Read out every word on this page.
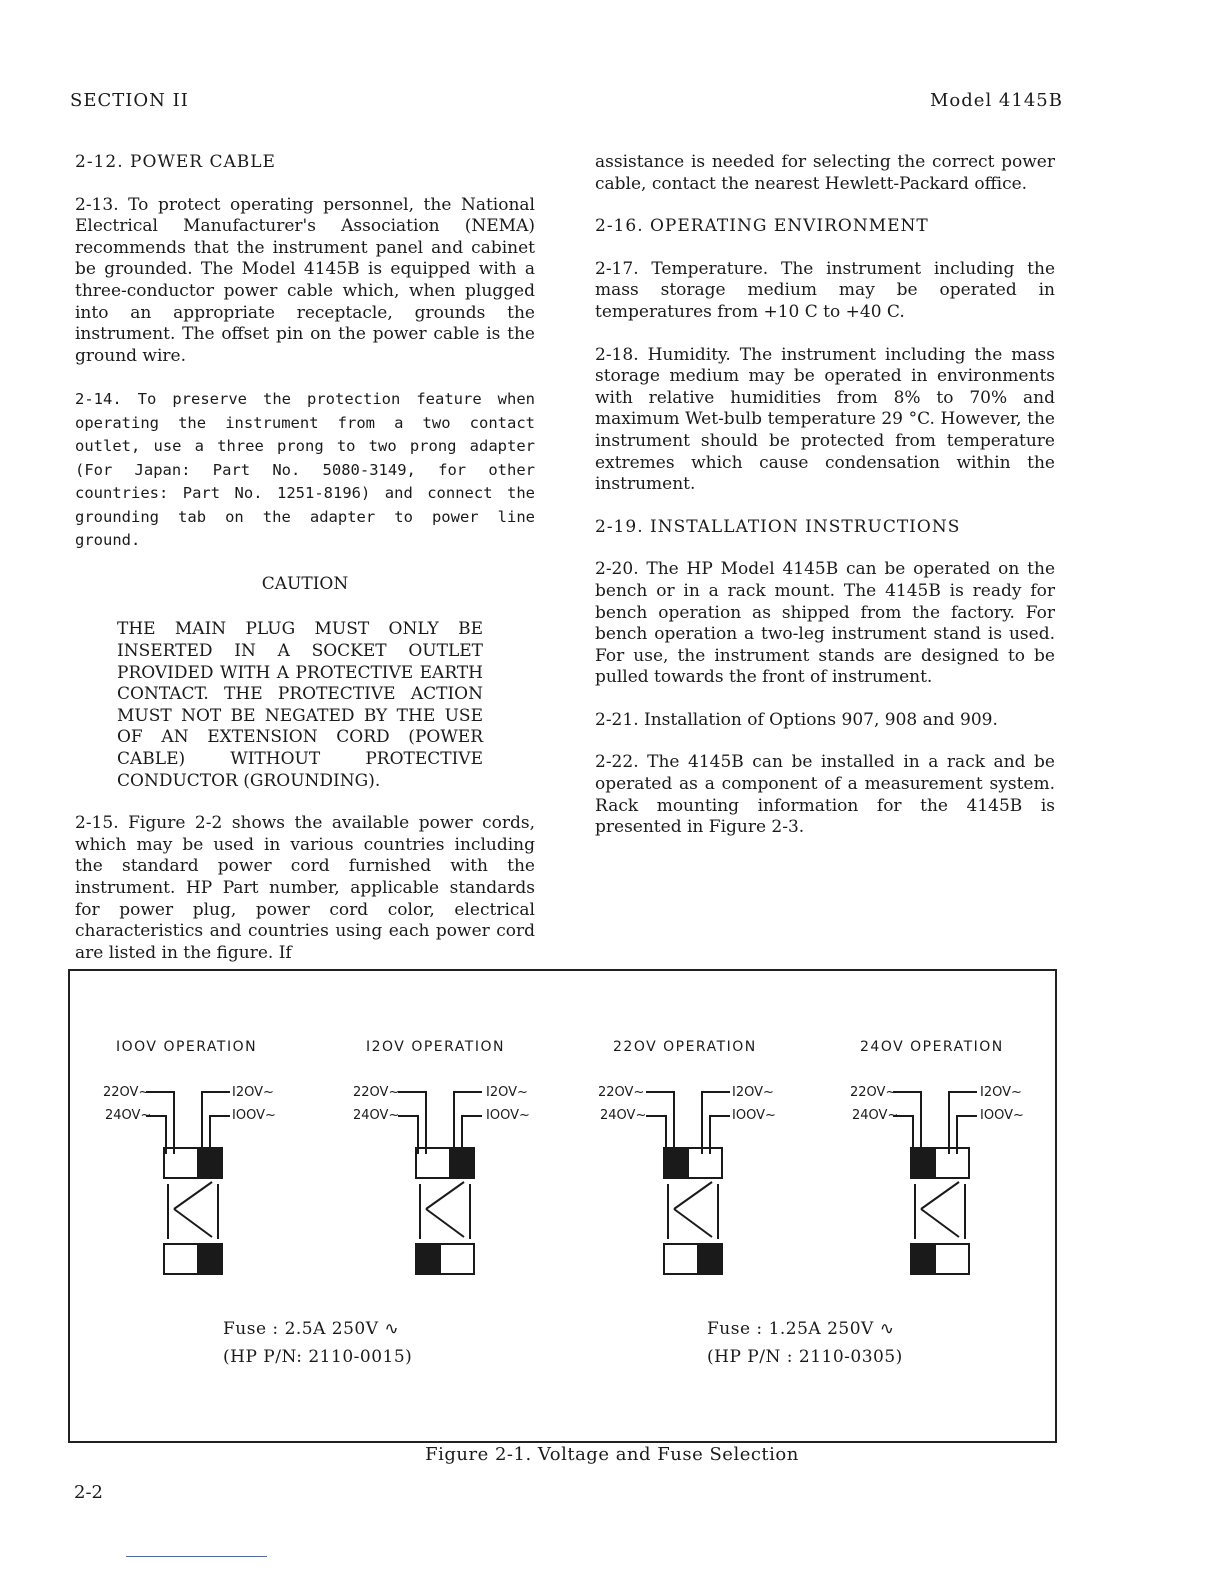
SECTION II	Model 4145B

2-12. POWER CABLE

2-13. To protect operating personnel, the National Electrical Manufacturer's Association (NEMA) recommends that the instrument panel and cabinet be grounded. The Model 4145B is equipped with a three-conductor power cable which, when plugged into an appropriate receptacle, grounds the instrument. The offset pin on the power cable is the ground wire.

2-14. To preserve the protection feature when operating the instrument from a two contact outlet, use a three prong to two prong adapter (For Japan: Part No. 5080-3149, for other countries: Part No. 1251-8196) and connect the grounding tab on the adapter to power line ground.

CAUTION

THE MAIN PLUG MUST ONLY BE INSERTED IN A SOCKET OUTLET PROVIDED WITH A PROTECTIVE EARTH CONTACT. THE PROTECTIVE ACTION MUST NOT BE NEGATED BY THE USE OF AN EXTENSION CORD (POWER CABLE) WITHOUT PROTECTIVE CONDUCTOR (GROUNDING).

2-15. Figure 2-2 shows the available power cords, which may be used in various countries including the standard power cord furnished with the instrument. HP Part number, applicable standards for power plug, power cord color, electrical characteristics and countries using each power cord are listed in the figure. If

assistance is needed for selecting the correct power cable, contact the nearest Hewlett-Packard office.

2-16. OPERATING ENVIRONMENT

2-17. Temperature. The instrument including the mass storage medium may be operated in temperatures from +10 C to +40 C.

2-18. Humidity. The instrument including the mass storage medium may be operated in environments with relative humidities from 8% to 70% and maximum Wet-bulb temperature 29 °C. However, the instrument should be protected from temperature extremes which cause condensation within the instrument.

2-19. INSTALLATION INSTRUCTIONS

2-20. The HP Model 4145B can be operated on the bench or in a rack mount. The 4145B is ready for bench operation as shipped from the factory. For bench operation a two-leg instrument stand is used. For use, the instrument stands are designed to be pulled towards the front of instrument.

2-21. Installation of Options 907, 908 and 909.

2-22. The 4145B can be installed in a rack and be operated as a component of a measurement system. Rack mounting information for the 4145B is presented in Figure 2-3.

IOOV OPERATION	I2OV OPERATION	22OV OPERATION	24OV OPERATION
22OV~
24OV~
I2OV~
IOOV~
22OV~
24OV~
I2OV~
IOOV~
22OV~
24OV~
I2OV~
IOOV~
22OV~
24OV~
I2OV~
IOOV~
Fuse : 2.5A 250V ∿
(HP P/N: 2110-0015)
Fuse : 1.25A 250V ∿
(HP P/N : 2110-0305)
Figure 2-1. Voltage and Fuse Selection
2-2
